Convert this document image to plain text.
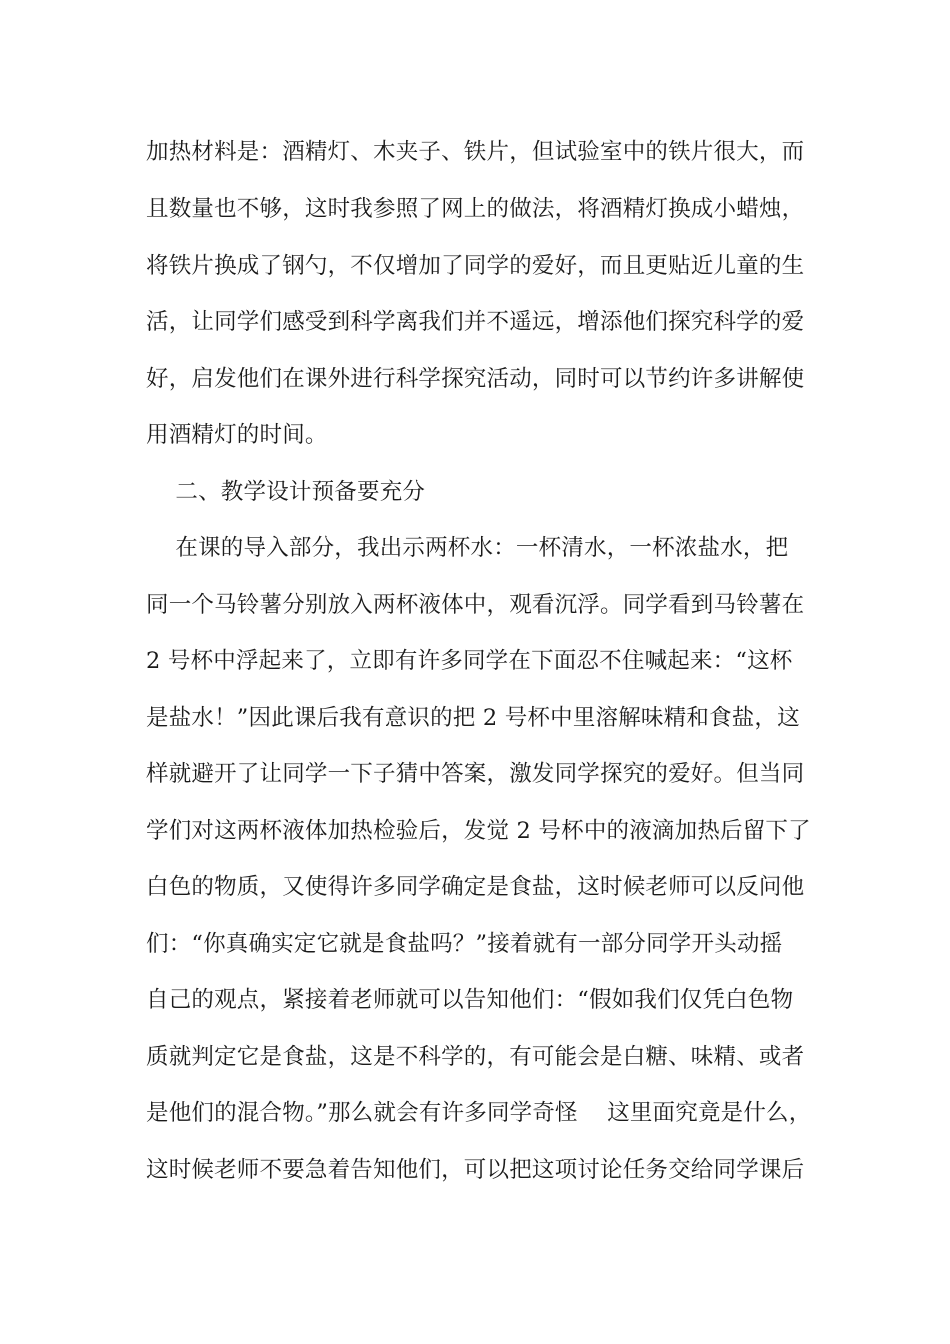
加热材料是：酒精灯、木夹子、铁片，但试验室中的铁片很大，而
且数量也不够，这时我参照了网上的做法，将酒精灯换成小蜡烛，
将铁片换成了钢勺，不仅增加了同学的爱好，而且更贴近儿童的生
活，让同学们感受到科学离我们并不遥远，增添他们探究科学的爱
好，启发他们在课外进行科学探究活动，同时可以节约许多讲解使
用酒精灯的时间。
二、教学设计预备要充分
在课的导入部分，我出示两杯水：一杯清水，一杯浓盐水，把
同一个马铃薯分别放入两杯液体中，观看沉浮。同学看到马铃薯在
2 号杯中浮起来了，立即有许多同学在下面忍不住喊起来：“这杯
是盐水！”因此课后我有意识的把 2 号杯中里溶解味精和食盐，这
样就避开了让同学一下子猜中答案，激发同学探究的爱好。但当同
学们对这两杯液体加热检验后，发觉 2 号杯中的液滴加热后留下了
白色的物质，又使得许多同学确定是食盐，这时候老师可以反问他
们：“你真确实定它就是食盐吗？”接着就有一部分同学开头动摇
自己的观点，紧接着老师就可以告知他们：“假如我们仅凭白色物
质就判定它是食盐，这是不科学的，有可能会是白糖、味精、或者
是他们的混合物。”那么就会有许多同学奇怪    这里面究竟是什么，
这时候老师不要急着告知他们，可以把这项讨论任务交给同学课后
